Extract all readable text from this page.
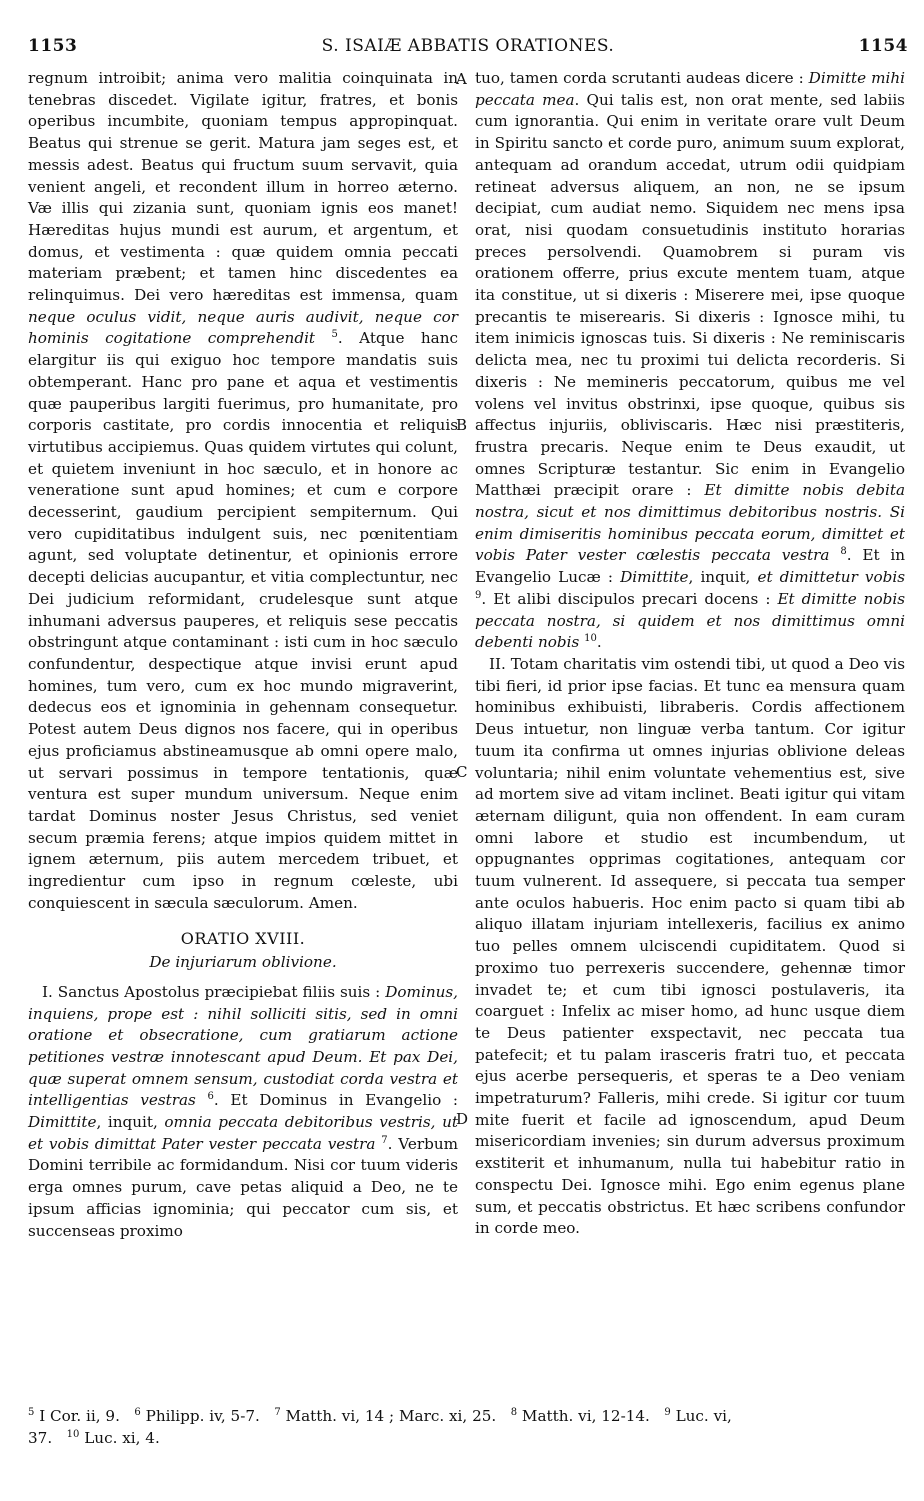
1153	S. ISAIÆ ABBATIS ORATIONES.	1154
A
B
C
D

regnum introibit; anima vero malitia coinquinata in tenebras discedet. Vigilate igitur, fratres, et bonis operibus incumbite, quoniam tempus appropinquat. Beatus qui strenue se gerit. Matura jam seges est, et messis adest. Beatus qui fructum suum servavit, quia venient angeli, et recondent illum in horreo æterno. Væ illis qui zizania sunt, quoniam ignis eos manet! Hæreditas hujus mundi est aurum, et argentum, et domus, et vestimenta : quæ quidem omnia peccati materiam præbent; et tamen hinc discedentes ea relinquimus. Dei vero hæreditas est immensa, quam neque oculus vidit, neque auris audivit, neque cor hominis cogitatione comprehendit $^5$. Atque hanc elargitur iis qui exiguo hoc tempore mandatis suis obtemperant. Hanc pro pane et aqua et vestimentis quæ pauperibus largiti fuerimus, pro humanitate, pro corporis castitate, pro cordis innocentia et reliquis virtutibus accipiemus. Quas quidem virtutes qui colunt, et quietem inveniunt in hoc sæculo, et in honore ac veneratione sunt apud homines; et cum e corpore decesserint, gaudium percipient sempiternum. Qui vero cupiditatibus indulgent suis, nec pœnitentiam agunt, sed voluptate detinentur, et opinionis errore decepti delicias aucupantur, et vitia complectuntur, nec Dei judicium reformidant, crudelesque sunt atque inhumani adversus pauperes, et reliquis sese peccatis obstringunt atque contaminant : isti cum in hoc sæculo confundentur, despectique atque invisi erunt apud homines, tum vero, cum ex hoc mundo migraverint, dedecus eos et ignominia in gehennam consequetur. Potest autem Deus dignos nos facere, qui in operibus ejus proficiamus abstineamusque ab omni opere malo, ut servari possimus in tempore tentationis, quæ ventura est super mundum universum. Neque enim tardat Dominus noster Jesus Christus, sed veniet secum præmia ferens; atque impios quidem mittet in ignem æternum, piis autem mercedem tribuet, et ingredientur cum ipso in regnum cœleste, ubi conquiescent in sæcula sæculorum. Amen.

ORATIO XVIII.
De injuriarum oblivione.

I. Sanctus Apostolus præcipiebat filiis suis : Dominus, inquiens, prope est : nihil solliciti sitis, sed in omni oratione et obsecratione, cum gratiarum actione petitiones vestræ innotescant apud Deum. Et pax Dei, quæ superat omnem sensum, custodiat corda vestra et intelligentias vestras $^6$. Et Dominus in Evangelio : Dimittite, inquit, omnia peccata debitoribus vestris, ut et vobis dimittat Pater vester peccata vestra $^7$. Verbum Domini terribile ac formidandum. Nisi cor tuum videris erga omnes purum, cave petas aliquid a Deo, ne te ipsum afficias ignominia; qui peccator cum sis, et succenseas proximo

tuo, tamen corda scrutanti audeas dicere : Dimitte mihi peccata mea. Qui talis est, non orat mente, sed labiis cum ignorantia. Qui enim in veritate orare vult Deum in Spiritu sancto et corde puro, animum suum explorat, antequam ad orandum accedat, utrum odii quidpiam retineat adversus aliquem, an non, ne se ipsum decipiat, cum audiat nemo. Siquidem nec mens ipsa orat, nisi quodam consuetudinis instituto horarias preces persolvendi. Quamobrem si puram vis orationem offerre, prius excute mentem tuam, atque ita constitue, ut si dixeris : Miserere mei, ipse quoque precantis te miserearis. Si dixeris : Ignosce mihi, tu item inimicis ignoscas tuis. Si dixeris : Ne reminiscaris delicta mea, nec tu proximi tui delicta recorderis. Si dixeris : Ne memineris peccatorum, quibus me vel volens vel invitus obstrinxi, ipse quoque, quibus sis affectus injuriis, obliviscaris. Hæc nisi præstiteris, frustra precaris. Neque enim te Deus exaudit, ut omnes Scripturæ testantur. Sic enim in Evangelio Matthæi præcipit orare : Et dimitte nobis debita nostra, sicut et nos dimittimus debitoribus nostris. Si enim dimiseritis hominibus peccata eorum, dimittet et vobis Pater vester cœlestis peccata vestra $^8$. Et in Evangelio Lucæ : Dimittite, inquit, et dimittetur vobis $^9$. Et alibi discipulos precari docens : Et dimitte nobis peccata nostra, si quidem et nos dimittimus omni debenti nobis $^{10}$.

II. Totam charitatis vim ostendi tibi, ut quod a Deo vis tibi fieri, id prior ipse facias. Et tunc ea mensura quam hominibus exhibuisti, libraberis. Cordis affectionem Deus intuetur, non linguæ verba tantum. Cor igitur tuum ita confirma ut omnes injurias oblivione deleas voluntaria; nihil enim voluntate vehementius est, sive ad mortem sive ad vitam inclinet. Beati igitur qui vitam æternam diligunt, quia non offendent. In eam curam omni labore et studio est incumbendum, ut oppugnantes opprimas cogitationes, antequam cor tuum vulnerent. Id assequere, si peccata tua semper ante oculos habueris. Hoc enim pacto si quam tibi ab aliquo illatam injuriam intellexeris, facilius ex animo tuo pelles omnem ulciscendi cupiditatem. Quod si proximo tuo perrexeris succendere, gehennæ timor invadet te; et cum tibi ignosci postulaveris, ita coarguet : Infelix ac miser homo, ad hunc usque diem te Deus patienter exspectavit, nec peccata tua patefecit; et tu palam irasceris fratri tuo, et peccata ejus acerbe persequeris, et speras te a Deo veniam impetraturum? Falleris, mihi crede. Si igitur cor tuum mite fuerit et facile ad ignoscendum, apud Deum misericordiam invenies; sin durum adversus proximum exstiterit et inhumanum, nulla tui habebitur ratio in conspectu Dei. Ignosce mihi. Ego enim egenus plane sum, et peccatis obstrictus. Et hæc scribens confundor in corde meo.

$^5$ I Cor. ii, 9. $^6$ Philipp. iv, 5-7. $^7$ Matth. vi, 14 ; Marc. xi, 25. $^8$ Matth. vi, 12-14. $^9$ Luc. vi,
37. $^{10}$ Luc. xi, 4.
